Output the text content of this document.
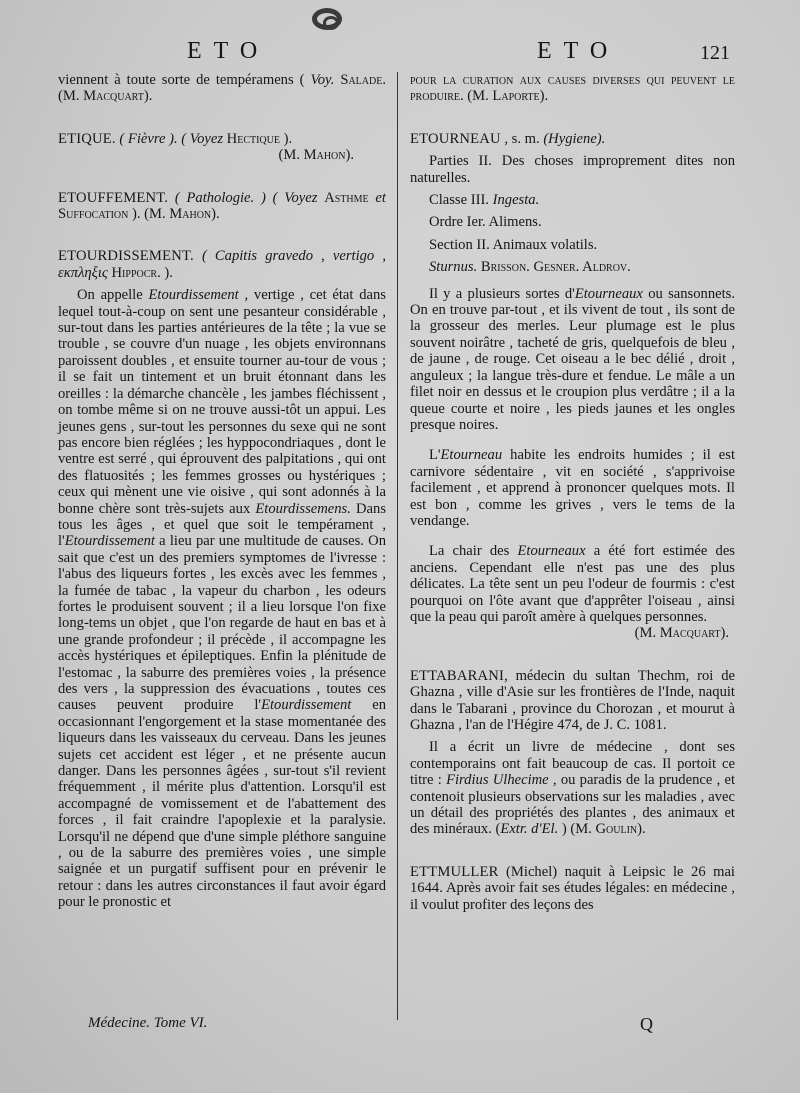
ETO	ETO	121

viennent à toute sorte de tempéramens ( Voy. Salade. (M. Macquart).

ETIQUE. ( Fièvre ). ( Voyez Hectique ).

(M. Mahon).

ETOUFFEMENT. ( Pathologie. ) ( Voyez Asthme et Suffocation ). (M. Mahon).

ETOURDISSEMENT. ( Capitis gravedo , vertigo , εκπληξις Hippocr. ).

On appelle Etourdissement , vertige , cet état dans lequel tout-à-coup on sent une pesanteur considérable , sur-tout dans les parties antérieures de la tête ; la vue se trouble , se couvre d'un nuage , les objets environnans paroissent doubles , et ensuite tourner au-tour de vous ; il se fait un tintement et un bruit étonnant dans les oreilles : la démarche chancèle , les jambes fléchissent , on tombe même si on ne trouve aussi-tôt un appui. Les jeunes gens , sur-tout les personnes du sexe qui ne sont pas encore bien réglées ; les hyppocondriaques , dont le ventre est serré , qui éprouvent des palpitations , qui ont des flatuosités ; les femmes grosses ou hystériques ; ceux qui mènent une vie oisive , qui sont adonnés à la bonne chère sont très-sujets aux Etourdissemens. Dans tous les âges , et quel que soit le tempérament , l'Etourdissement a lieu par une multitude de causes. On sait que c'est un des premiers symptomes de l'ivresse : l'abus des liqueurs fortes , les excès avec les femmes , la fumée de tabac , la vapeur du charbon , les odeurs fortes le produisent souvent ; il a lieu lorsque l'on fixe long-tems un objet , que l'on regarde de haut en bas et à une grande profondeur ; il précède , il accompagne les accès hystériques et épileptiques. Enfin la plénitude de l'estomac , la saburre des premières voies , la présence des vers , la suppression des évacuations , toutes ces causes peuvent produire l'Etourdissement en occasionnant l'engorgement et la stase momentanée des liqueurs dans les vaisseaux du cerveau. Dans les jeunes sujets cet accident est léger , et ne présente aucun danger. Dans les personnes âgées , sur-tout s'il revient fréquemment , il mérite plus d'attention. Lorsqu'il est accompagné de vomissement et de l'abattement des forces , il fait craindre l'apoplexie et la paralysie. Lorsqu'il ne dépend que d'une simple pléthore sanguine , ou de la saburre des premières voies , une simple saignée et un purgatif suffisent pour en prévenir le retour : dans les autres circonstances il faut avoir égard pour le pronostic et

pour la curation aux causes diverses qui peuvent le produire. (M. Laporte).

ETOURNEAU , s. m. (Hygiene).

Parties II. Des choses improprement dites non naturelles.

Classe III. Ingesta.

Ordre Ier. Alimens.

Section II. Animaux volatils.

Sturnus. Brisson. Gesner. Aldrov.

Il y a plusieurs sortes d'Etourneaux ou sansonnets. On en trouve par-tout , et ils vivent de tout , ils sont de la grosseur des merles. Leur plumage est le plus souvent noirâtre , tacheté de gris, quelquefois de bleu , de jaune , de rouge. Cet oiseau a le bec délié , droit , anguleux ; la langue très-dure et fendue. Le mâle a un filet noir en dessus et le croupion plus verdâtre ; il a la queue courte et noire , les pieds jaunes et les ongles presque noires.

L'Etourneau habite les endroits humides ; il est carnivore sédentaire , vit en société , s'apprivoise facilement , et apprend à prononcer quelques mots. Il est bon , comme les grives , vers le tems de la vendange.

La chair des Etourneaux a été fort estimée des anciens. Cependant elle n'est pas une des plus délicates. La tête sent un peu l'odeur de fourmis : c'est pourquoi on l'ôte avant que d'apprêter l'oiseau , ainsi que la peau qui paroît amère à quelques personnes.

(M. Macquart).

ETTABARANI, médecin du sultan Thechm, roi de Ghazna , ville d'Asie sur les frontières de l'Inde, naquit dans le Tabarani , province du Chorozan , et mourut à Ghazna , l'an de l'Hégire 474, de J. C. 1081.

Il a écrit un livre de médecine , dont ses contemporains ont fait beaucoup de cas. Il portoit ce titre : Firdius Ulhecime , ou paradis de la prudence , et contenoit plusieurs observations sur les maladies , avec un détail des propriétés des plantes , des animaux et des minéraux. (Extr. d'El. ) (M. Goulin).

ETTMULLER (Michel) naquit à Leipsic le 26 mai 1644. Après avoir fait ses études légales: en médecine , il voulut profiter des leçons des

Médecine. Tome VI.	Q
